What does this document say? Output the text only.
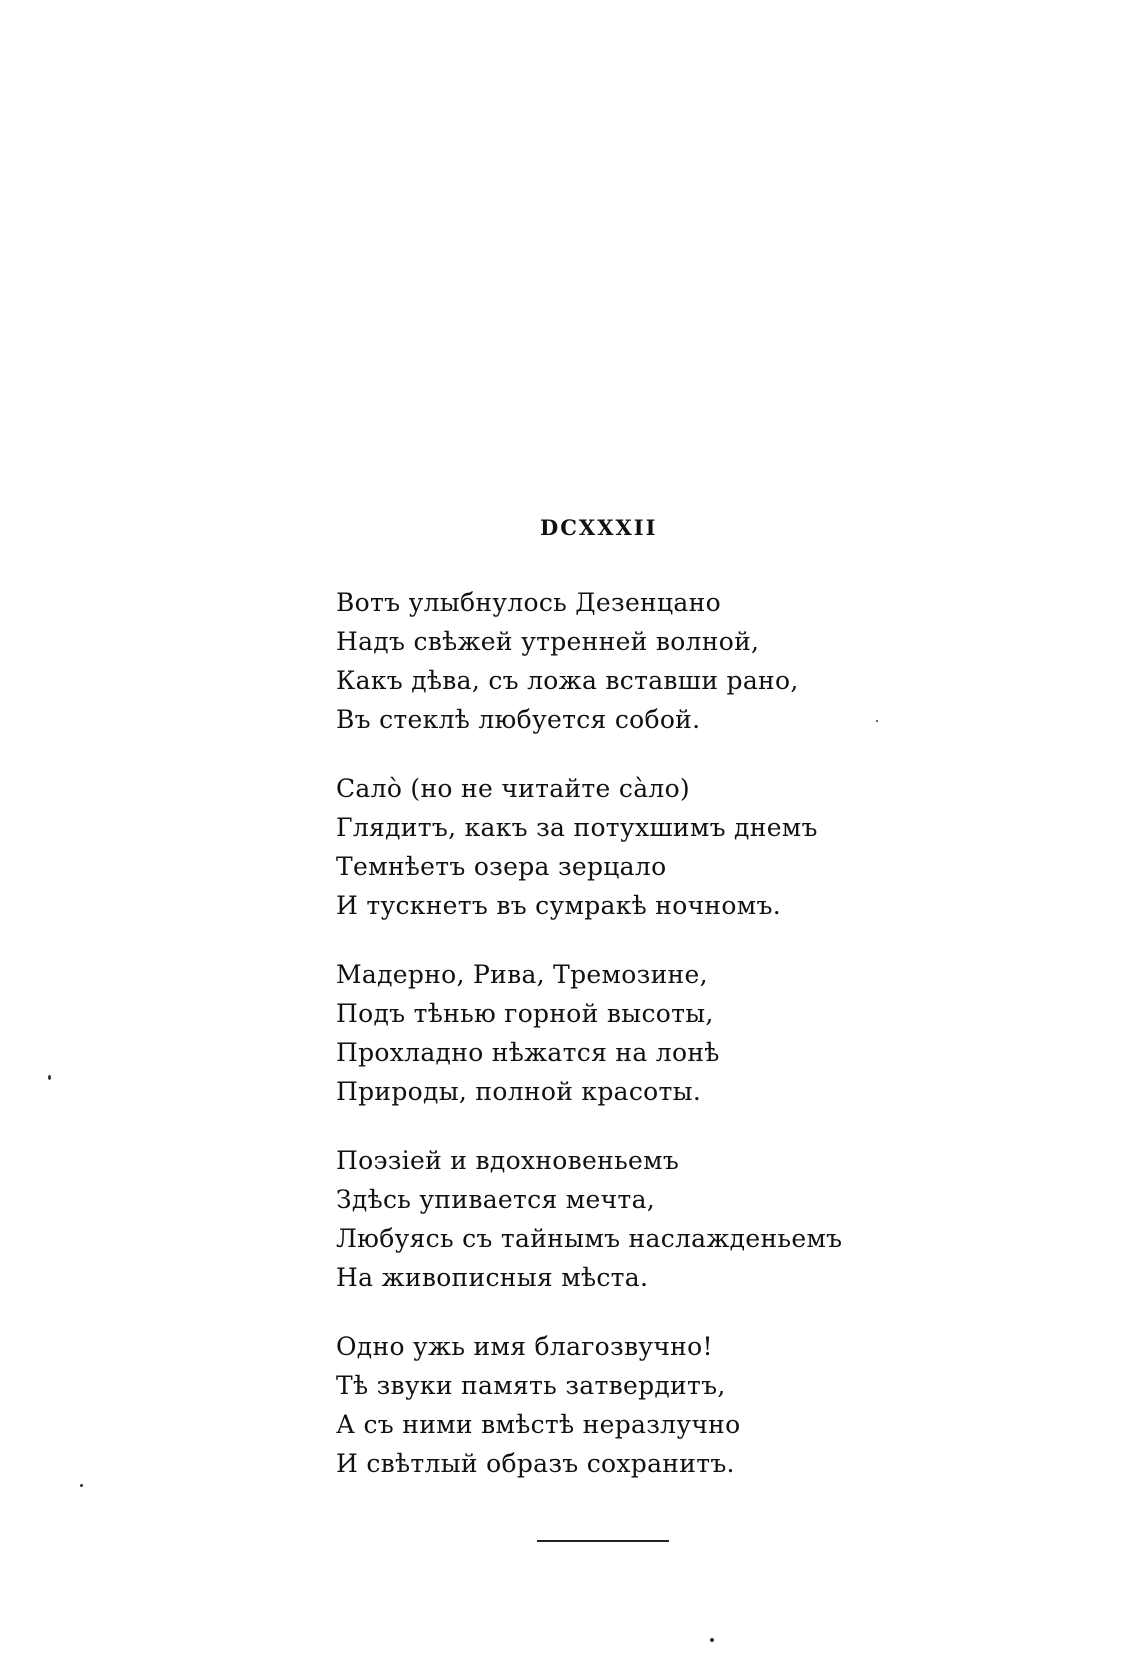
DCXXXII
Вотъ улыбнулось Дезенцано
Надъ свѣжей утренней волной,
Какъ дѣва, съ ложа вставши рано,
Въ стеклѣ любуется собой.
Салò (но не читайте сàло)
Глядитъ, какъ за потухшимъ днемъ
Темнѣетъ озера зерцало
И тускнетъ въ сумракѣ ночномъ.
Мадерно, Рива, Тремозине,
Подъ тѣнью горной высоты,
Прохладно нѣжатся на лонѣ
Природы, полной красоты.
Поэзіей и вдохновеньемъ
Здѣсь упивается мечта,
Любуясь съ тайнымъ наслажденьемъ
На живописныя мѣста.
Одно ужь имя благозвучно!
Тѣ звуки память затвердитъ,
А съ ними вмѣстѣ неразлучно
И свѣтлый образъ сохранитъ.
